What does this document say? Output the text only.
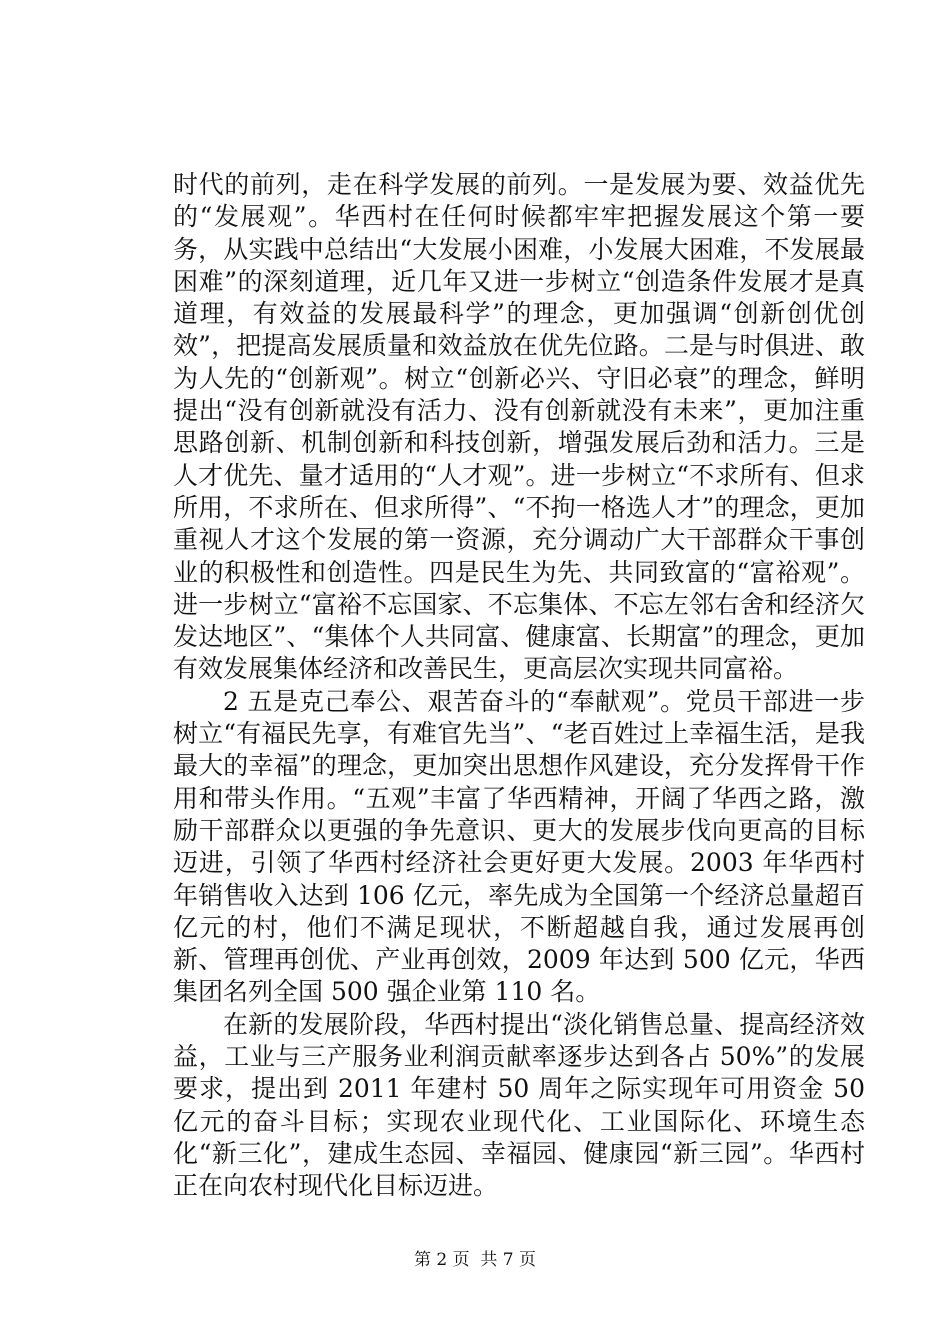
时代的前列，走在科学发展的前列。一是发展为要、效益优先的“发展观”。华西村在任何时候都牢牢把握发展这个第一要务，从实践中总结出“大发展小困难，小发展大困难，不发展最困难”的深刻道理，近几年又进一步树立“创造条件发展才是真道理，有效益的发展最科学”的理念，更加强调“创新创优创效”，把提高发展质量和效益放在优先位路。二是与时俱进、敢为人先的“创新观”。树立“创新必兴、守旧必衰”的理念，鲜明提出“没有创新就没有活力、没有创新就没有未来”，更加注重思路创新、机制创新和科技创新，增强发展后劲和活力。三是人才优先、量才适用的“人才观”。进一步树立“不求所有、但求所用，不求所在、但求所得”、“不拘一格选人才”的理念，更加重视人才这个发展的第一资源，充分调动广大干部群众干事创业的积极性和创造性。四是民生为先、共同致富的“富裕观”。进一步树立“富裕不忘国家、不忘集体、不忘左邻右舍和经济欠发达地区”、“集体个人共同富、健康富、长期富”的理念，更加有效发展集体经济和改善民生，更高层次实现共同富裕。

2 五是克己奉公、艰苦奋斗的“奉献观”。党员干部进一步树立“有福民先享，有难官先当”、“老百姓过上幸福生活，是我最大的幸福”的理念，更加突出思想作风建设，充分发挥骨干作用和带头作用。“五观”丰富了华西精神，开阔了华西之路，激励干部群众以更强的争先意识、更大的发展步伐向更高的目标迈进，引领了华西村经济社会更好更大发展。2003 年华西村年销售收入达到 106 亿元，率先成为全国第一个经济总量超百亿元的村，他们不满足现状，不断超越自我，通过发展再创新、管理再创优、产业再创效，2009 年达到 500 亿元，华西集团名列全国 500 强企业第 110 名。

在新的发展阶段，华西村提出“淡化销售总量、提高经济效益，工业与三产服务业利润贡献率逐步达到各占 50%”的发展要求，提出到 2011 年建村 50 周年之际实现年可用资金 50 亿元的奋斗目标；实现农业现代化、工业国际化、环境生态化“新三化”，建成生态园、幸福园、健康园“新三园”。华西村正在向农村现代化目标迈进。

第 2 页  共 7 页
